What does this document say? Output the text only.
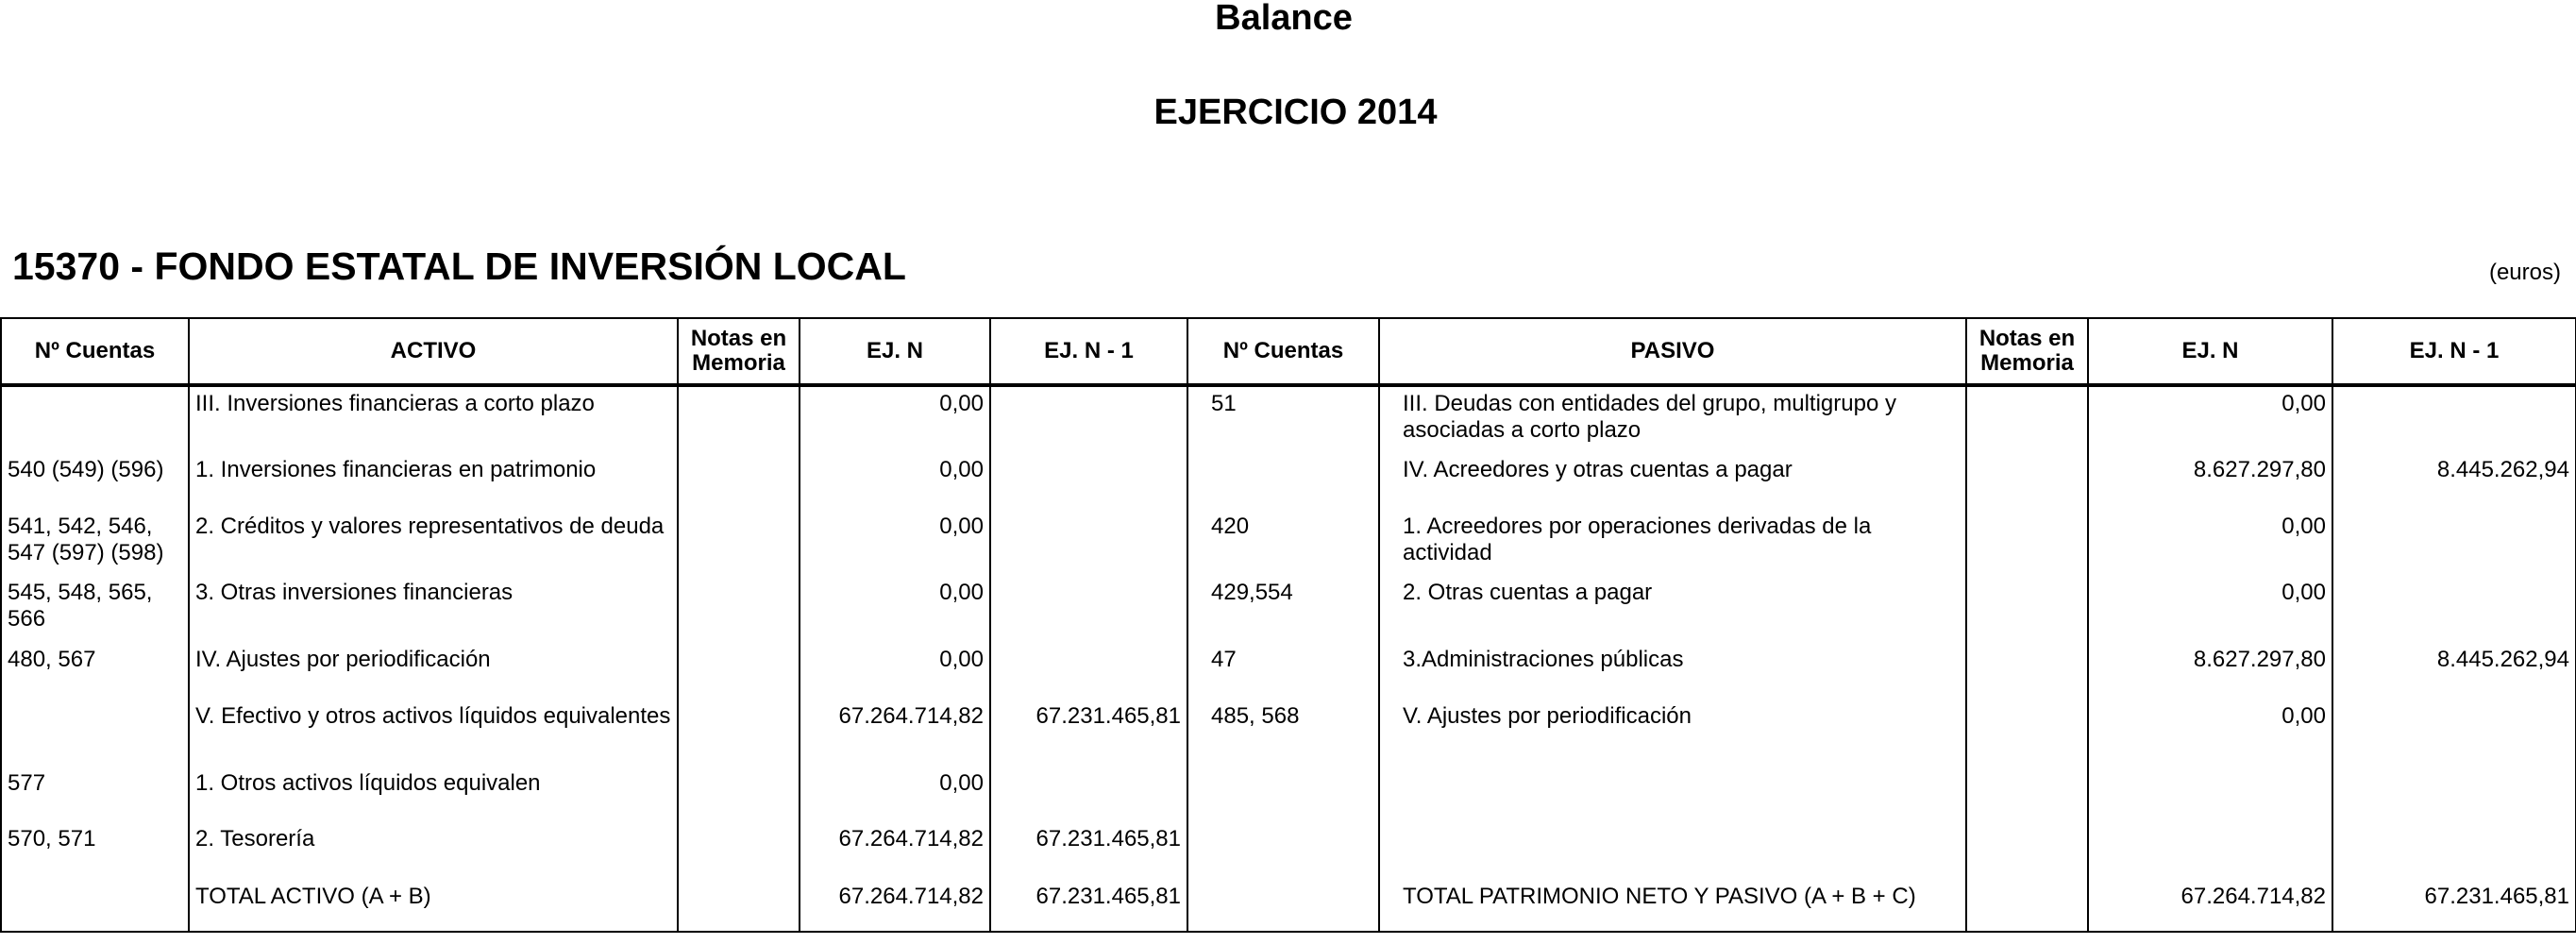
Balance
EJERCICIO 2014
15370 - FONDO ESTATAL DE INVERSIÓN LOCAL	(euros)
Nº Cuentas	ACTIVO	Notas en Memoria	EJ. N	EJ. N - 1	Nº Cuentas	PASIVO	Notas en Memoria	EJ. N	EJ. N - 1
	III. Inversiones financieras a corto plazo		0,00		51	III. Deudas con entidades del grupo, multigrupo y asociadas a corto plazo		0,00	
540 (549) (596)	1. Inversiones financieras en patrimonio		0,00			IV. Acreedores y otras cuentas a pagar		8.627.297,80	8.445.262,94
541, 542, 546, 547 (597) (598)	2. Créditos y valores representativos de deuda		0,00		420	1. Acreedores por operaciones derivadas de la actividad		0,00	
545, 548, 565, 566	3. Otras inversiones financieras		0,00		429,554	2. Otras cuentas a pagar		0,00	
480, 567	IV. Ajustes por periodificación		0,00		47	3.Administraciones públicas		8.627.297,80	8.445.262,94
	V. Efectivo y otros activos líquidos equivalentes		67.264.714,82	67.231.465,81	485, 568	V. Ajustes por periodificación		0,00	
577	1. Otros activos líquidos equivalen		0,00						
570, 571	2. Tesorería		67.264.714,82	67.231.465,81					
	TOTAL ACTIVO (A + B)		67.264.714,82	67.231.465,81		TOTAL PATRIMONIO NETO Y PASIVO (A + B + C)		67.264.714,82	67.231.465,81
